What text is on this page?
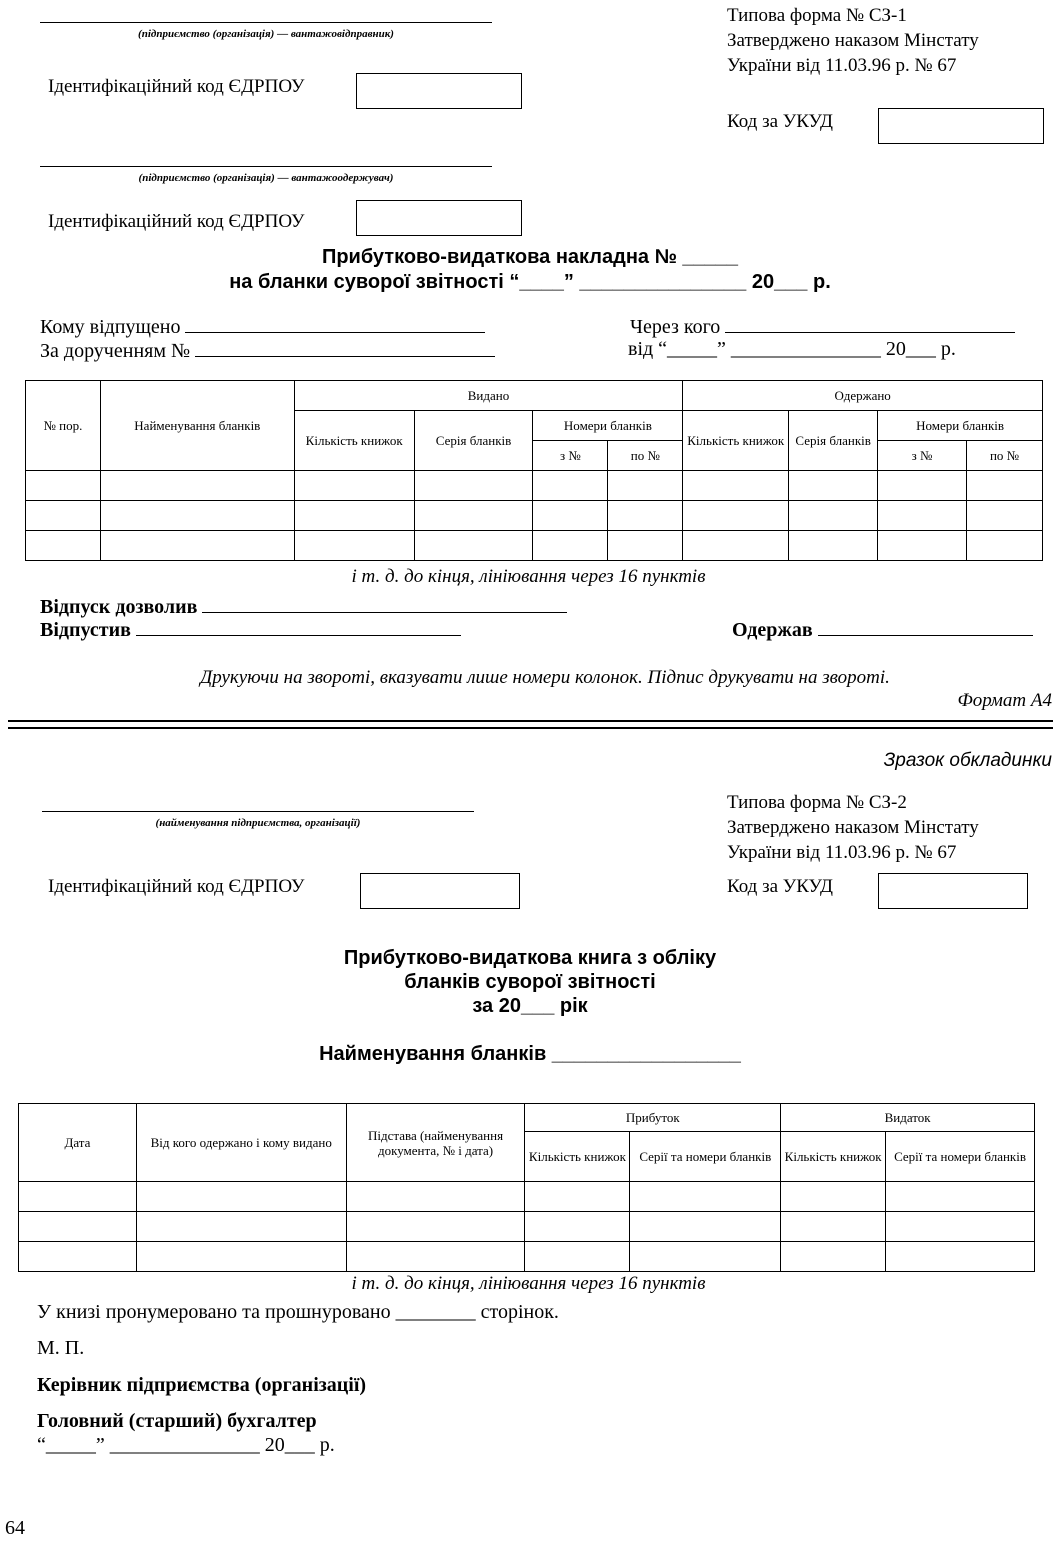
(підприємство (організація) — вантажовідправник)
Ідентифікаційний код ЄДРПОУ
Типова форма № СЗ-1
Затверджено наказом Мінстату
України від 11.03.96 р. № 67
Код за УКУД
(підприємство (організація) — вантажоодержувач)
Ідентифікаційний код ЄДРПОУ
Прибутково-видаткова накладна № _____
на бланки суворої звітності “____” _______________ 20___ р.
Кому відпущено	Через кого
За дорученням №	від “_____” _______________ 20___ р.
№ пор.	Найменування бланків	Видано				Одержано			
		Кількість книжок	Серія бланків	Номери бланків		Кількість книжок	Серія бланків	Номери бланків	
				з №	по №			з №	по №

і т. д. до кінця, лініювання через 16 пунктів
Відпуск дозволив
Відпустив	Одержав
Друкуючи на звороті, вказувати лише номери колонок. Підпис друкувати на звороті.
Формат А4
Зразок обкладинки
(найменування підприємства, організації)
Типова форма № СЗ-2
Затверджено наказом Мінстату
України від 11.03.96 р. № 67
Ідентифікаційний код ЄДРПОУ	Код за УКУД
Прибутково-видаткова книга з обліку
бланків суворої звітності
за 20___ рік
Найменування бланків _________________
Дата	Від кого одержано і кому видано	Підстава (найменування документа, № і дата)	Прибуток		Видаток	
			Кількість книжок	Серії та номери бланків	Кількість книжок	Серії та номери бланків

і т. д. до кінця, лініювання через 16 пунктів
У книзі пронумеровано та прошнуровано ________ сторінок.
М. П.
Керівник підприємства (організації)
Головний (старший) бухгалтер
“_____” _______________ 20___ р.
64
